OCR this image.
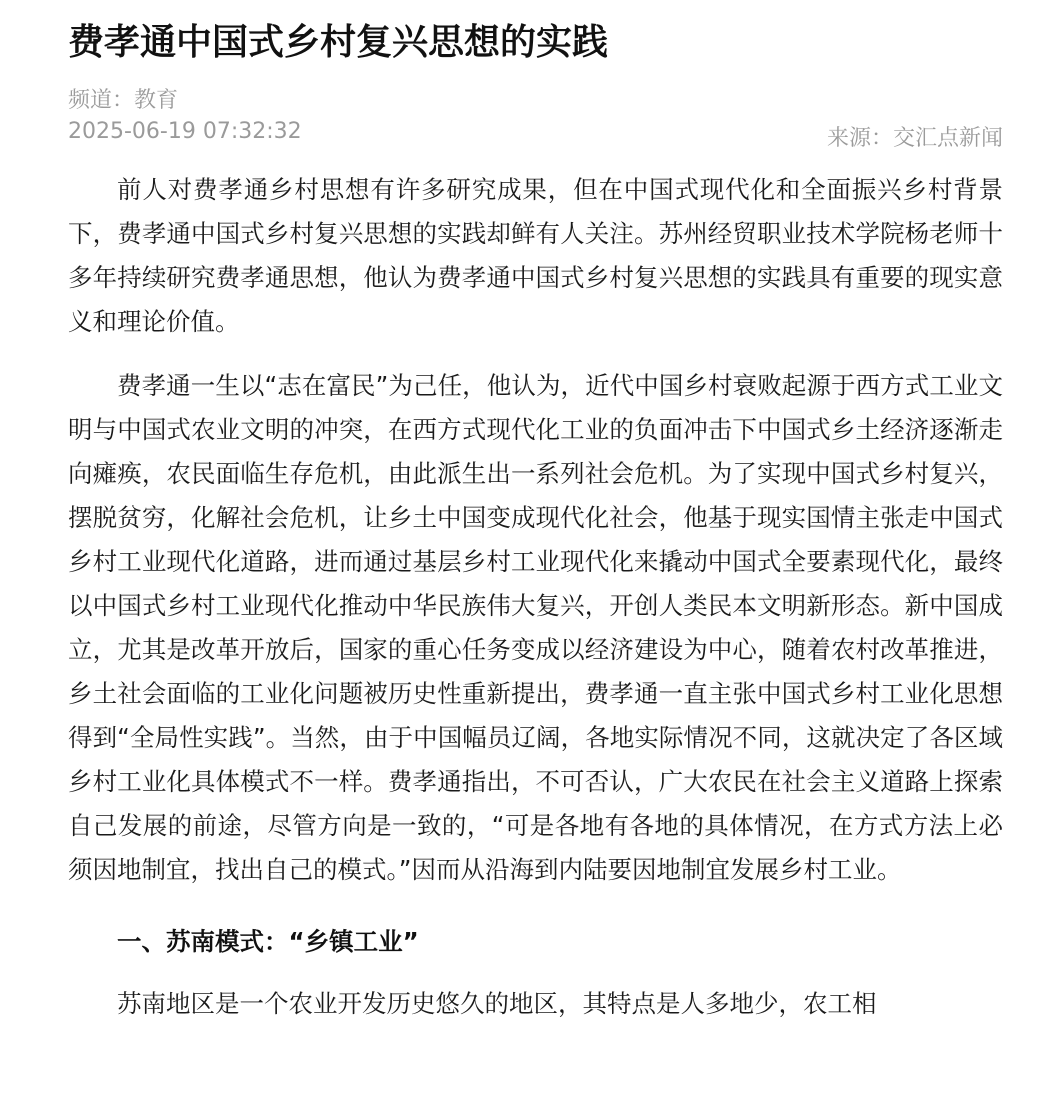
费孝通中国式乡村复兴思想的实践
频道：教育
2025-06-19 07:32:32	来源：交汇点新闻

前人对费孝通乡村思想有许多研究成果，但在中国式现代化和全面振兴乡村背景下，费孝通中国式乡村复兴思想的实践却鲜有人关注。苏州经贸职业技术学院杨老师十多年持续研究费孝通思想，他认为费孝通中国式乡村复兴思想的实践具有重要的现实意义和理论价值。

费孝通一生以“志在富民”为己任，他认为，近代中国乡村衰败起源于西方式工业文明与中国式农业文明的冲突，在西方式现代化工业的负面冲击下中国式乡土经济逐渐走向瘫痪，农民面临生存危机，由此派生出一系列社会危机。为了实现中国式乡村复兴，摆脱贫穷，化解社会危机，让乡土中国变成现代化社会，他基于现实国情主张走中国式乡村工业现代化道路，进而通过基层乡村工业现代化来撬动中国式全要素现代化，最终以中国式乡村工业现代化推动中华民族伟大复兴，开创人类民本文明新形态。新中国成立，尤其是改革开放后，国家的重心任务变成以经济建设为中心，随着农村改革推进，乡土社会面临的工业化问题被历史性重新提出，费孝通一直主张中国式乡村工业化思想得到“全局性实践”。当然，由于中国幅员辽阔，各地实际情况不同，这就决定了各区域乡村工业化具体模式不一样。费孝通指出，不可否认，广大农民在社会主义道路上探索自己发展的前途，尽管方向是一致的，“可是各地有各地的具体情况，在方式方法上必须因地制宜，找出自己的模式。”因而从沿海到内陆要因地制宜发展乡村工业。

一、苏南模式：“乡镇工业”

苏南地区是一个农业开发历史悠久的地区，其特点是人多地少，农工相
